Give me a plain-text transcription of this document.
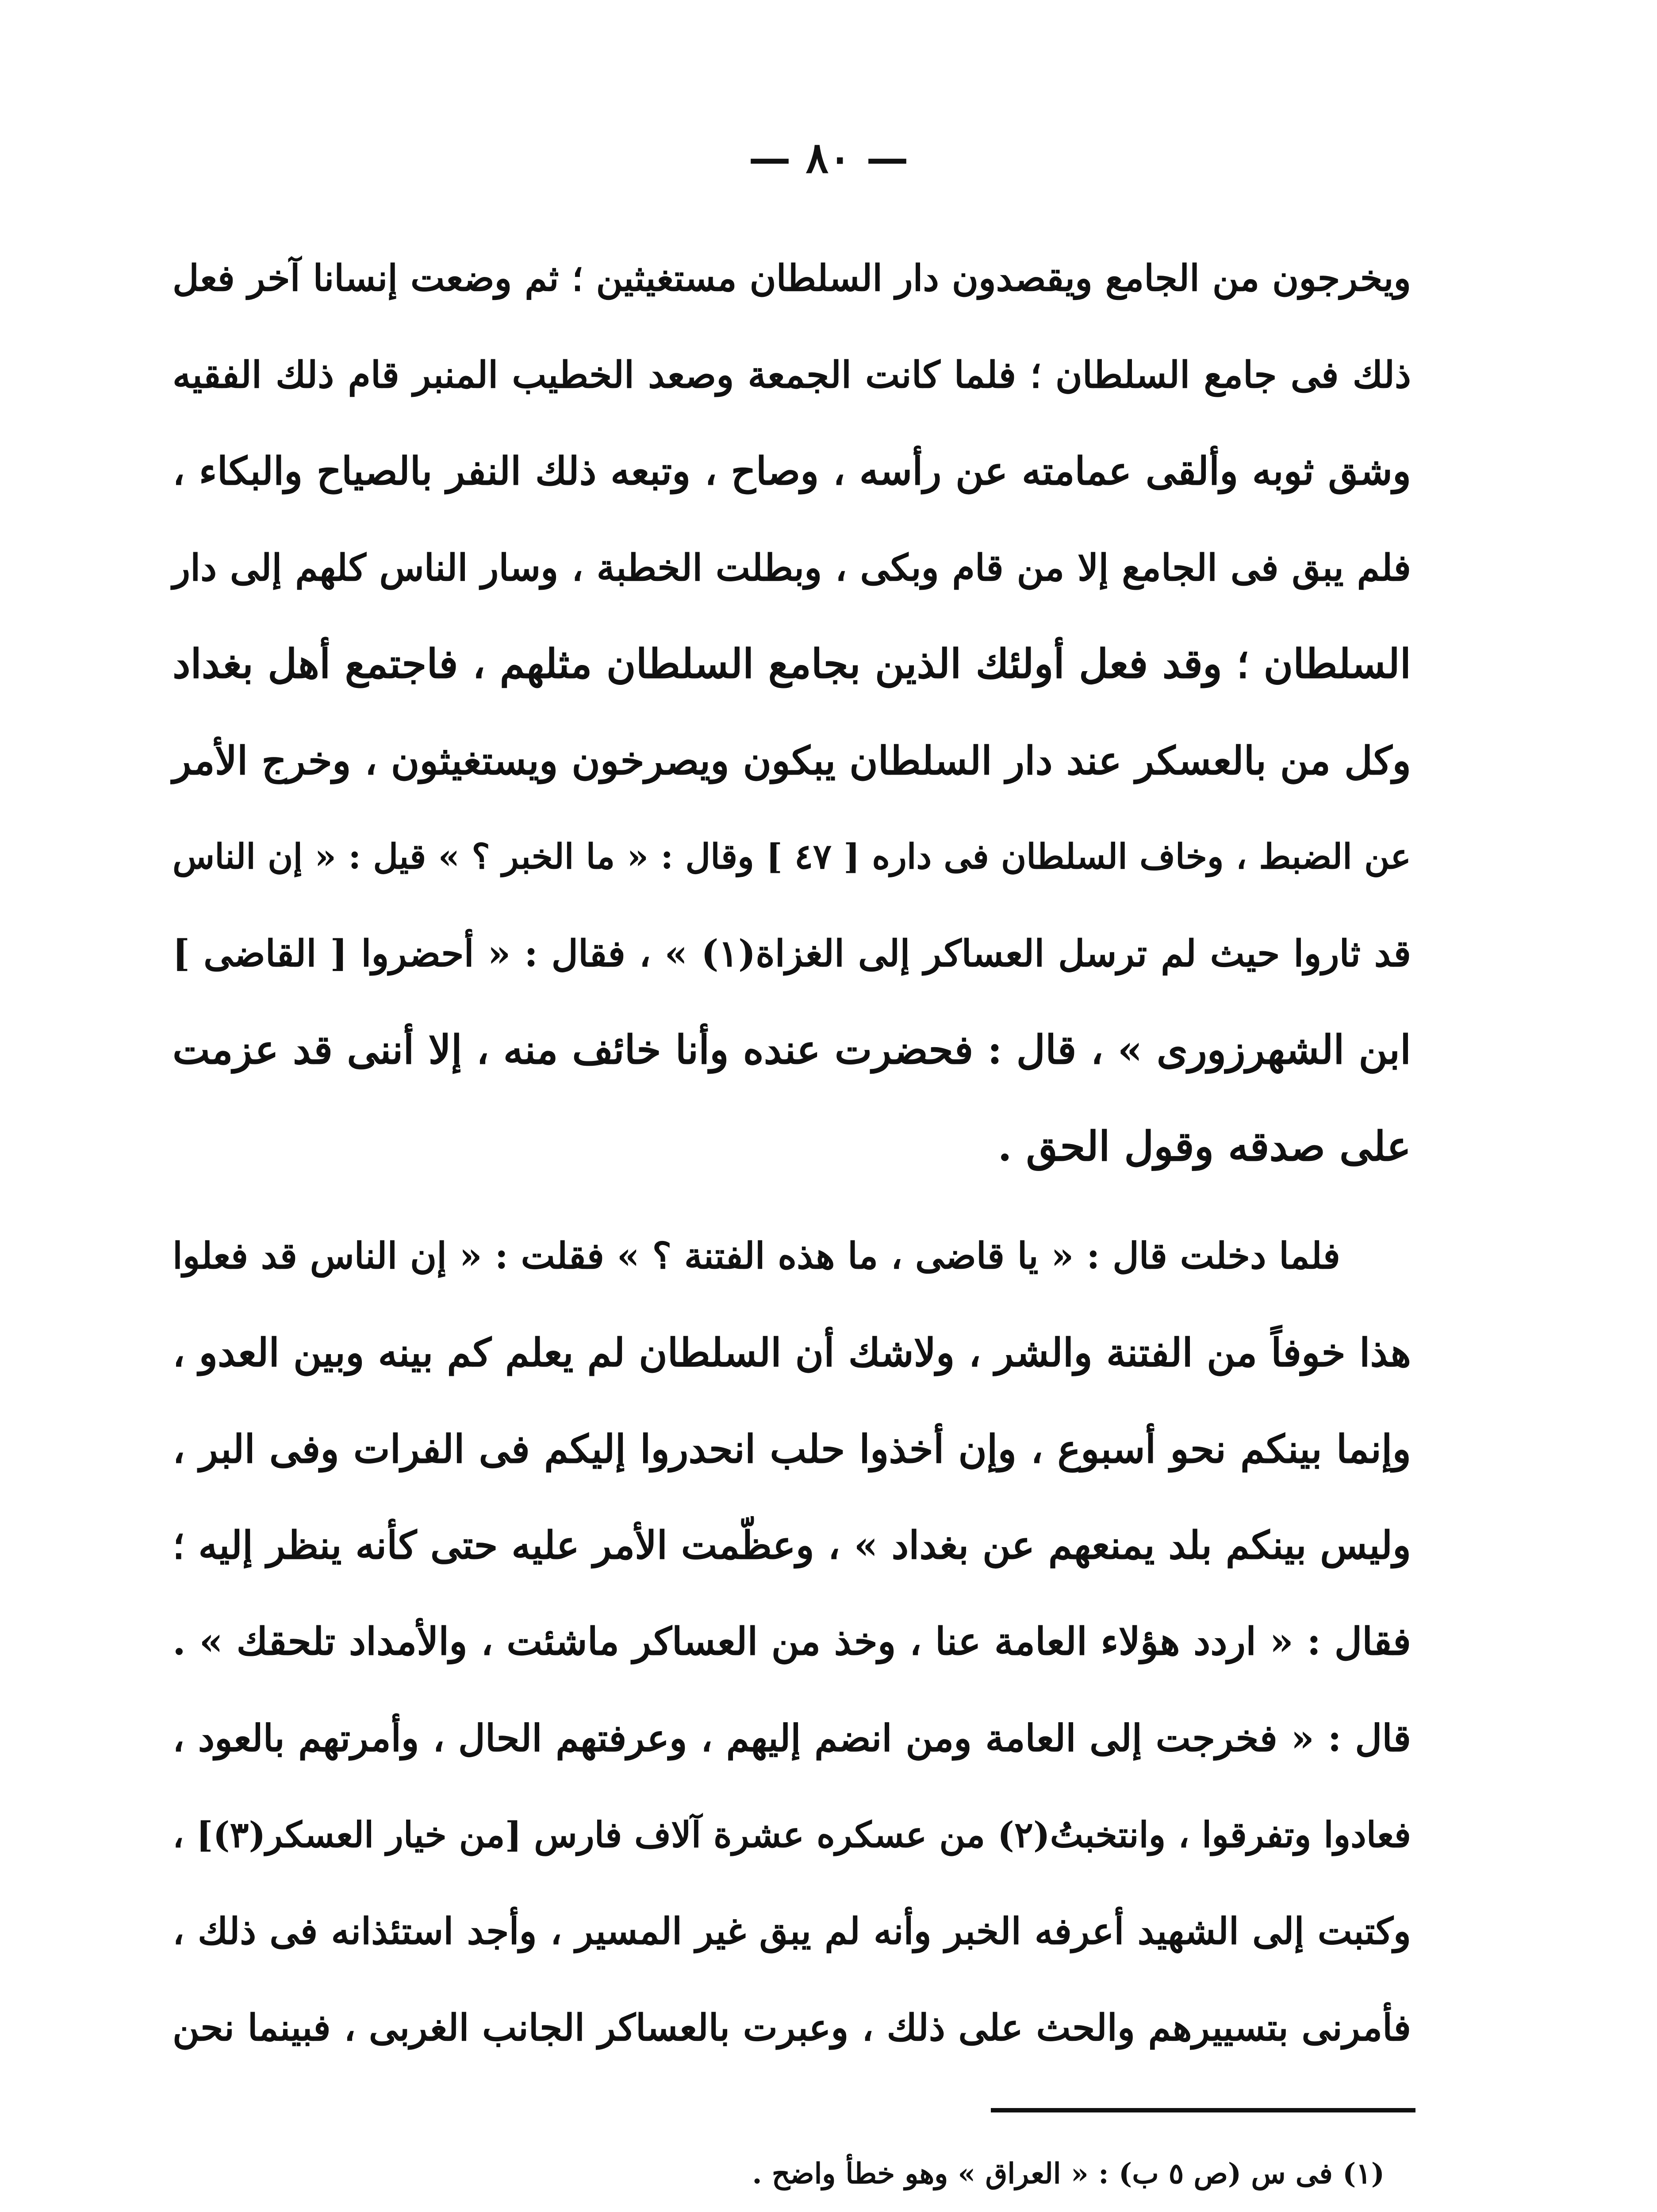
— ٨٠ —
ويخرجون من الجامع ويقصدون دار السلطان مستغيثين ؛ ثم وضعت إنسانا آخر فعل
ذلك فى جامع السلطان ؛ فلما كانت الجمعة وصعد الخطيب المنبر قام ذلك الفقيه
وشق ثوبه وألقى عمامته عن رأسه ، وصاح ، وتبعه ذلك النفر بالصياح والبكاء ،
فلم يبق فى الجامع إلا من قام وبكى ، وبطلت الخطبة ، وسار الناس كلهم إلى دار
السلطان ؛ وقد فعل أولئك الذين بجامع السلطان مثلهم ، فاجتمع أهل بغداد
وكل من بالعسكر عند دار السلطان يبكون ويصرخون ويستغيثون ، وخرج الأمر
عن الضبط ، وخاف السلطان فى داره [ ٤٧ ] وقال : « ما الخبر ؟ » قيل : « إن الناس
قد ثاروا حيث لم ترسل العساكر إلى الغزاة(١) » ، فقال : « أحضروا [ القاضى ]
ابن الشهرزورى » ، قال : فحضرت عنده وأنا خائف منه ، إلا أننى قد عزمت
على صدقه وقول الحق .
فلما دخلت قال : « يا قاضى ، ما هذه الفتنة ؟ » فقلت : « إن الناس قد فعلوا
هذا خوفاً من الفتنة والشر ، ولاشك أن السلطان لم يعلم كم بينه وبين العدو ،
وإنما بينكم نحو أسبوع ، وإن أخذوا حلب انحدروا إليكم فى الفرات وفى البر ،
وليس بينكم بلد يمنعهم عن بغداد » ، وعظّمت الأمر عليه حتى كأنه ينظر إليه ؛
فقال : « اردد هؤلاء العامة عنا ، وخذ من العساكر ماشئت ، والأمداد تلحقك » .
قال : « فخرجت إلى العامة ومن انضم إليهم ، وعرفتهم الحال ، وأمرتهم بالعود ،
فعادوا وتفرقوا ، وانتخبتُ(٢) من عسكره عشرة آلاف فارس [من خيار العسكر(٣)] ،
وكتبت إلى الشهيد أعرفه الخبر وأنه لم يبق غير المسير ، وأجد استئذانه فى ذلك ،
فأمرنى بتسييرهم والحث على ذلك ، وعبرت بالعساكر الجانب الغربى ، فبينما نحن
(١) فى س (ص ٥ ب) : « العراق » وهو خطأ واضح .
